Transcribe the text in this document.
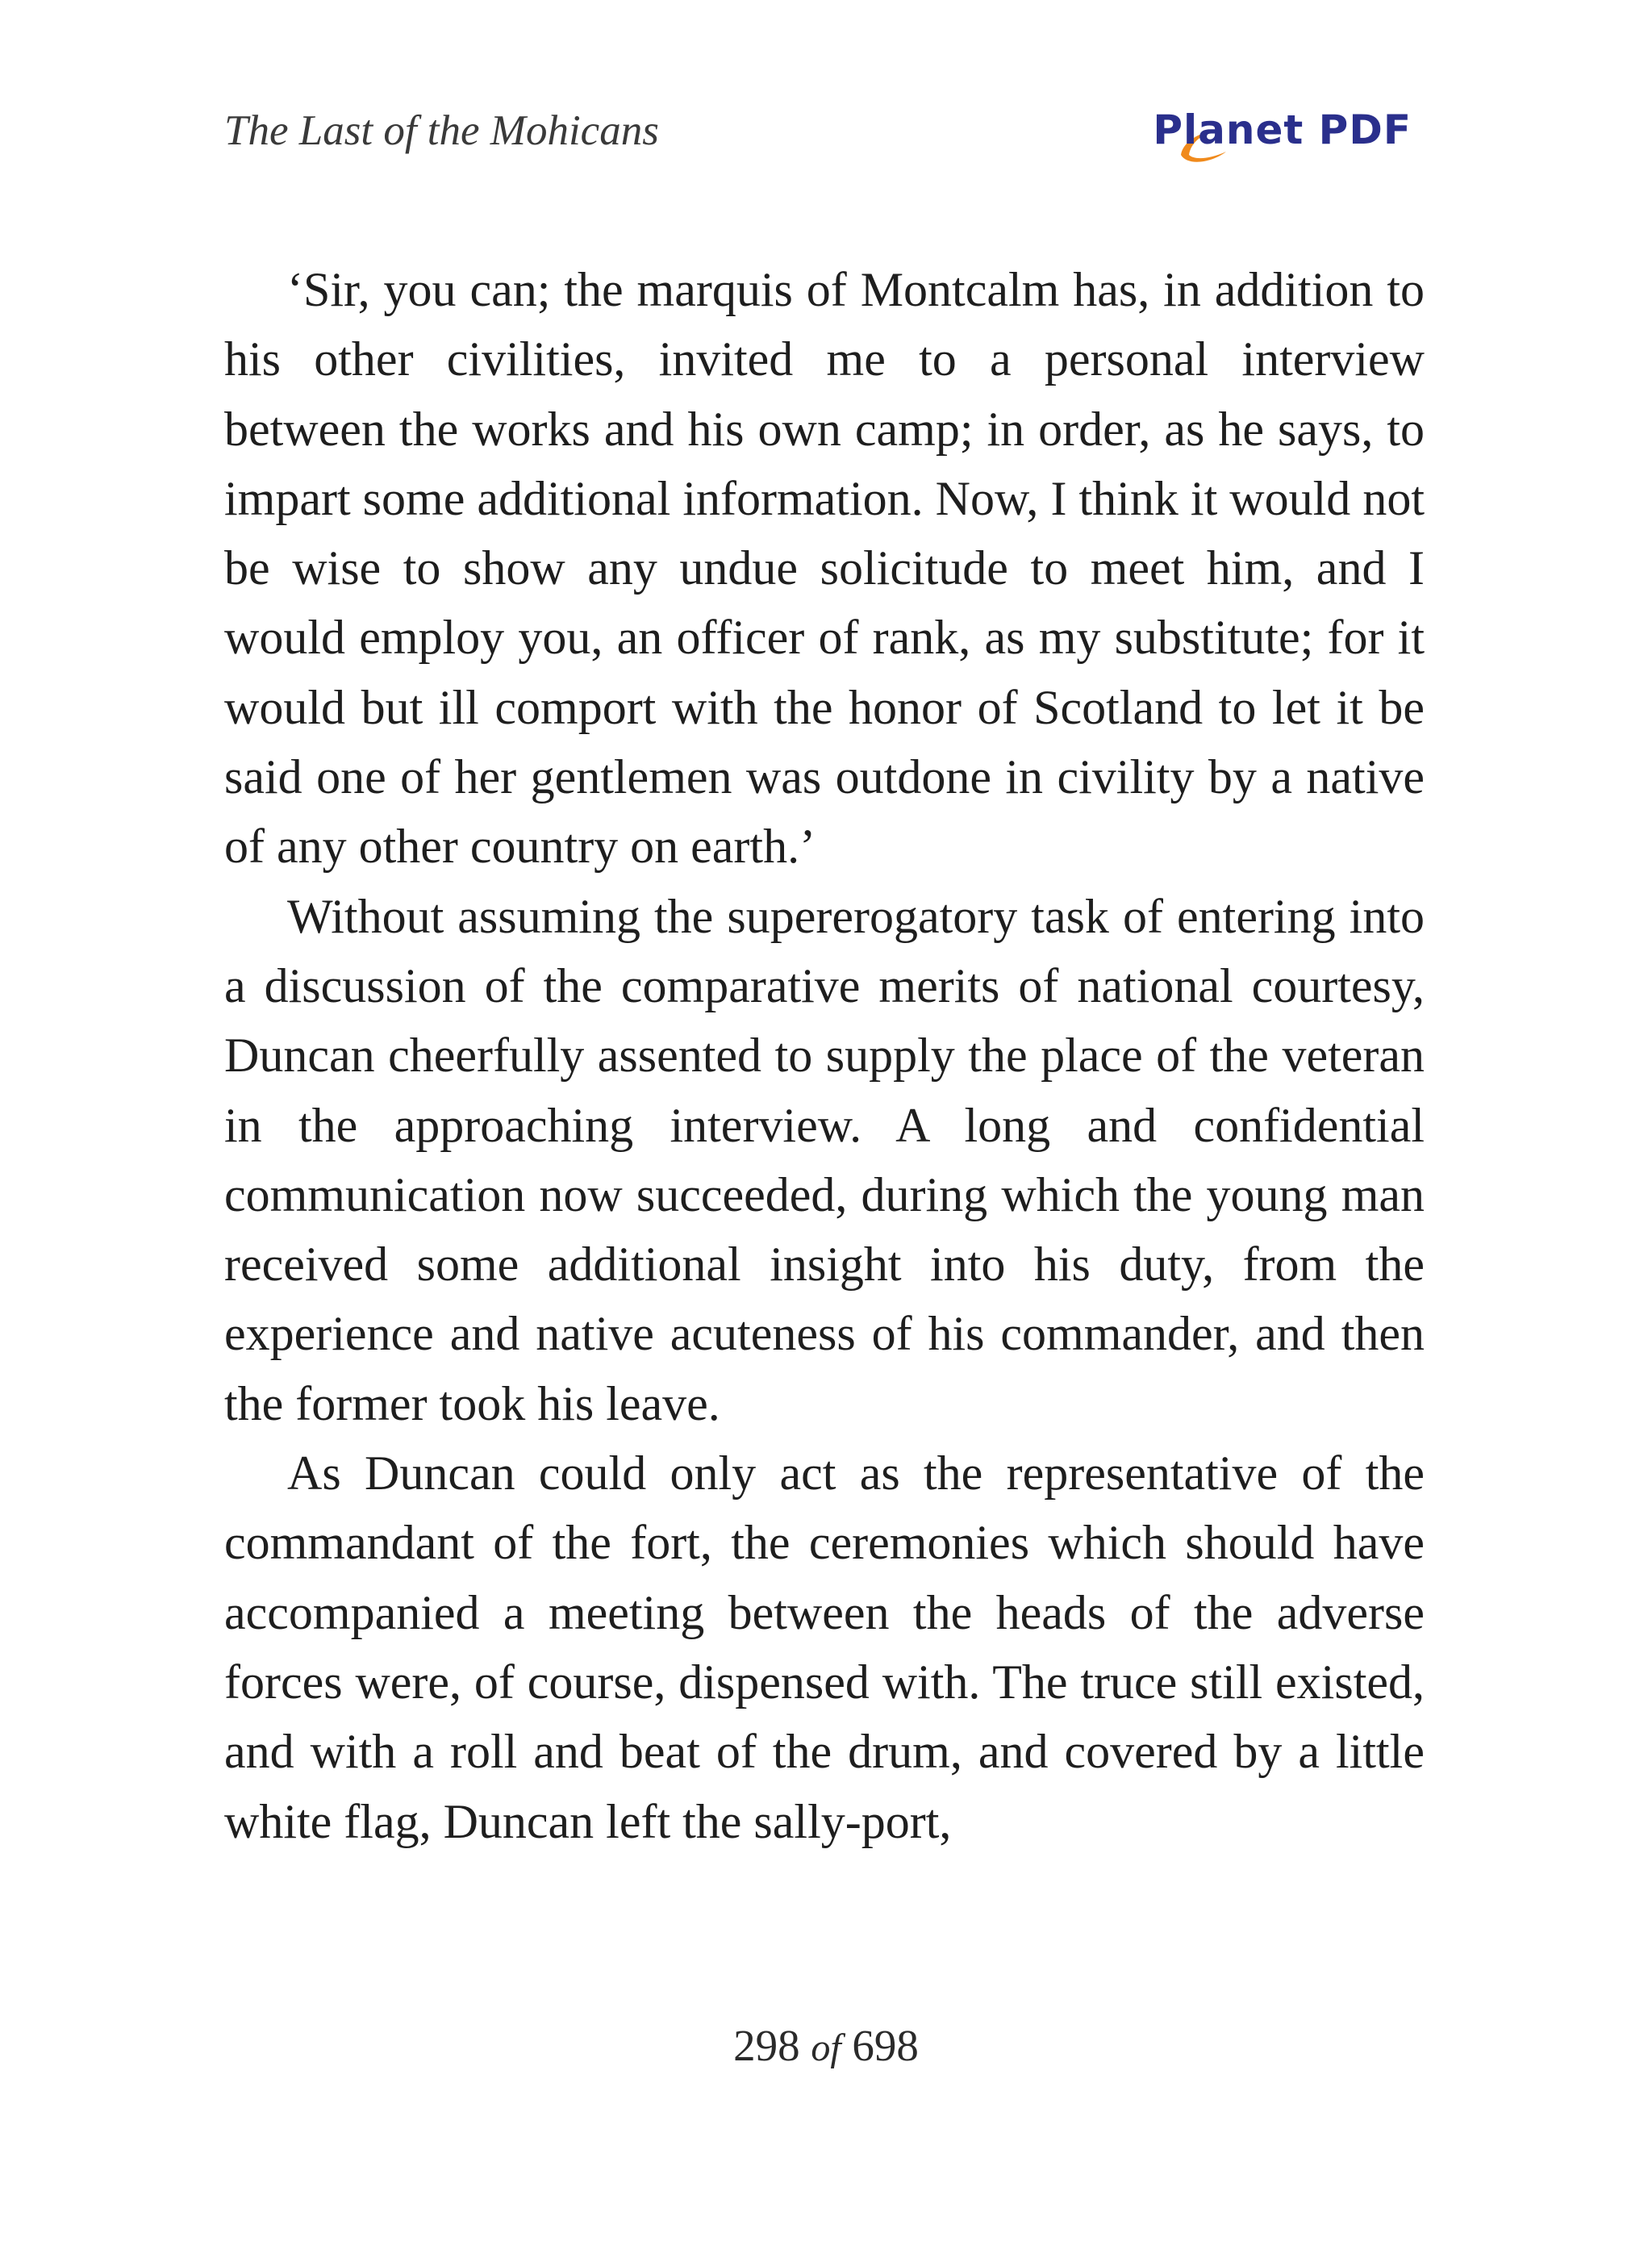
The Last of the Mohicans	Planet PDF

‘Sir, you can; the marquis of Montcalm has, in addition to his other civilities, invited me to a personal interview between the works and his own camp; in order, as he says, to impart some additional information. Now, I think it would not be wise to show any undue solicitude to meet him, and I would employ you, an officer of rank, as my substitute; for it would but ill comport with the honor of Scotland to let it be said one of her gentlemen was outdone in civility by a native of any other country on earth.’

Without assuming the supererogatory task of entering into a discussion of the comparative merits of national courtesy, Duncan cheerfully assented to supply the place of the veteran in the approaching interview. A long and confidential communication now succeeded, during which the young man received some additional insight into his duty, from the experience and native acuteness of his commander, and then the former took his leave.

As Duncan could only act as the representative of the commandant of the fort, the ceremonies which should have accompanied a meeting between the heads of the adverse forces were, of course, dispensed with. The truce still existed, and with a roll and beat of the drum, and covered by a little white flag, Duncan left the sally-port,

298 of 698
